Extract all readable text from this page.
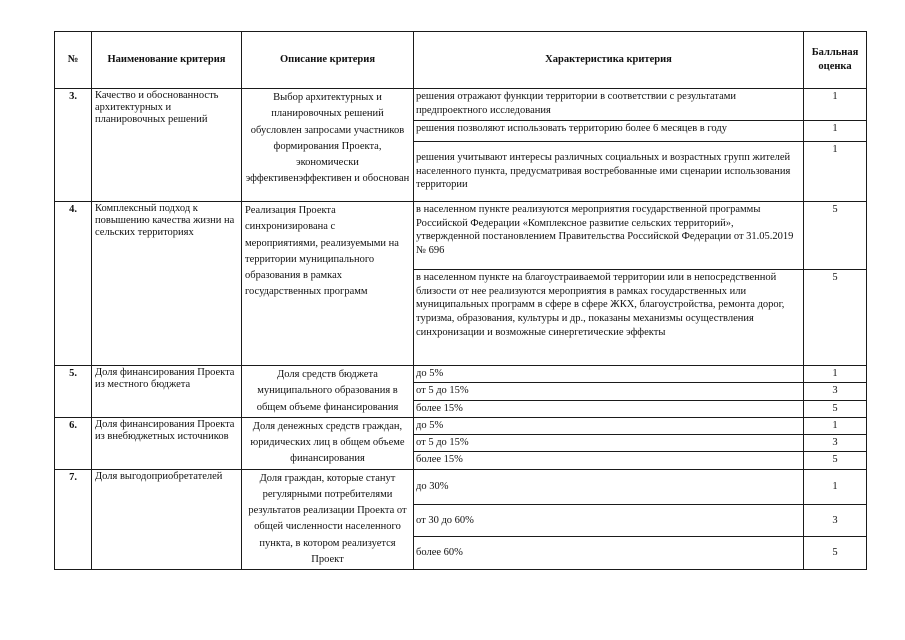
№	Наименование критерия	Описание критерия	Характеристика критерия	Балльная оценка
3.	Качество и обоснованность архитектурных и планировочных решений	Выбор архитектурных и планировочных решений обусловлен запросами участников формирования Проекта, экономически эффективенэффективен и обоснован	решения отражают функции территории в соответствии с результатами предпроектного исследования	1
			решения позволяют использовать территорию более 6 месяцев в году	1
			решения учитывают интересы различных социальных и возрастных групп жителей населенного пункта, предусматривая востребованные ими сценарии использования территории	1
4.	Комплексный подход к повышению качества жизни на сельских территориях	Реализация Проекта синхронизирована с мероприятиями, реализуемыми на территории муниципального образования в рамках государственных программ	в населенном пункте реализуются мероприятия государственной программы Российской Федерации «Комплексное развитие сельских территорий», утвержденной постановлением Правительства Российской Федерации от 31.05.2019 № 696	5
			в населенном пункте на благоустраиваемой территории или в непосредственной близости от нее реализуются мероприятия в рамках государственных или муниципальных программ в сфере в сфере ЖКХ, благоустройства, ремонта дорог, туризма, образования, культуры и др., показаны механизмы осуществления синхронизации и возможные синергетические эффекты	5
5.	Доля финансирования Проекта из местного бюджета	Доля средств бюджета муниципального образования в общем объеме финансирования	до 5%	1
			от 5 до 15%	3
			более 15%	5
6.	Доля финансирования Проекта из внебюджетных источников	Доля денежных средств граждан, юридических лиц в общем объеме финансирования	до 5%	1
			от 5 до 15%	3
			более 15%	5
7.	Доля выгодоприобретателей	Доля граждан, которые станут регулярными потребителями результатов реализации Проекта от общей численности населенного пункта, в котором реализуется Проект	до 30%	1
			от 30 до 60%	3
			более 60%	5
